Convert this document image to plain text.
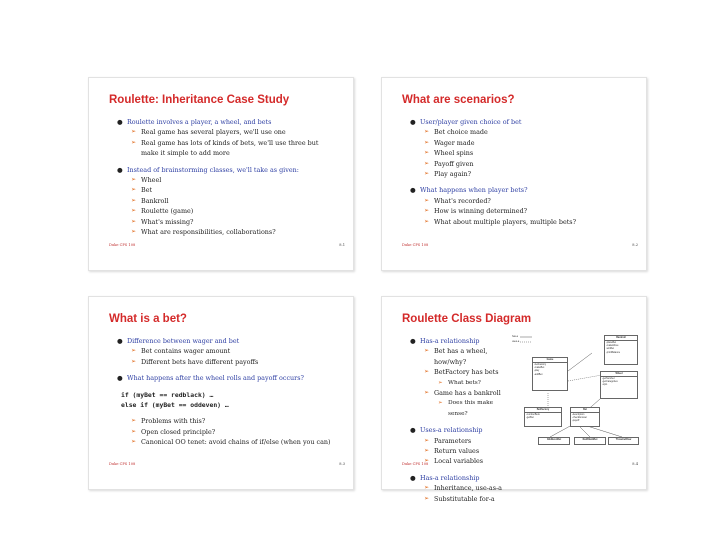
Roulette: Inheritance Case Study
● Roulette involves a player, a wheel, and bets
➢ Real game has several players, we'll use one
➢ Real game has lots of kinds of bets, we'll use three but
make it simple to add more
● Instead of brainstorming classes, we'll take as given:
➢ Wheel
➢ Bet
➢ Bankroll
➢ Roulette (game)
➢ What's missing?
➢ What are responsibilities, collaborations?
Duke CPS 108	8.1
What are scenarios?
● User/player given choice of bet
➢ Bet choice made
➢ Wager made
➢ Wheel spins
➢ Payoff given
➢ Play again?
● What happens when player bets?
➢ What's recorded?
➢ How is winning determined?
➢ What about multiple players, multiple bets?
Duke CPS 108	8.2
What is a bet?
● Difference between wager and bet
➢ Bet contains wager amount
➢ Different bets have different payoffs
● What happens after the wheel rolls and payoff occurs?
if (myBet == redblack) …
else if (myBet == oddeven) …
➢ Problems with this?
➢ Open closed principle?
➢ Canonical OO tenet: avoid chains of if/else (when you can)
Duke CPS 108	8.3
Roulette Class Diagram
● Has-a relationship
➢ Bet has a wheel, how/why?
➢ BetFactory has bets
➢ What bets?
➢ Game has a bankroll
➢ Does this make sense?
● Uses-a relationship
➢ Parameters
➢ Return values
➢ Local variables
● Has-a relationship
➢ Inheritance, use-as-a
➢ Substitutable for-a
has-a
uses-a
Bankroll
-placeBet
-makeMove
-winBet
-printBalance
Game
-betFactory
-makeBet
-play
-addBet	Wheel
-getNumber
-getCategories
-spin
BetFactory
-numberBets
-getBet
Bet
-description
-checkAnswer
-payoff
OddEvenBet	RedBlackBet	ThreeInARow
Duke CPS 108	8.4
